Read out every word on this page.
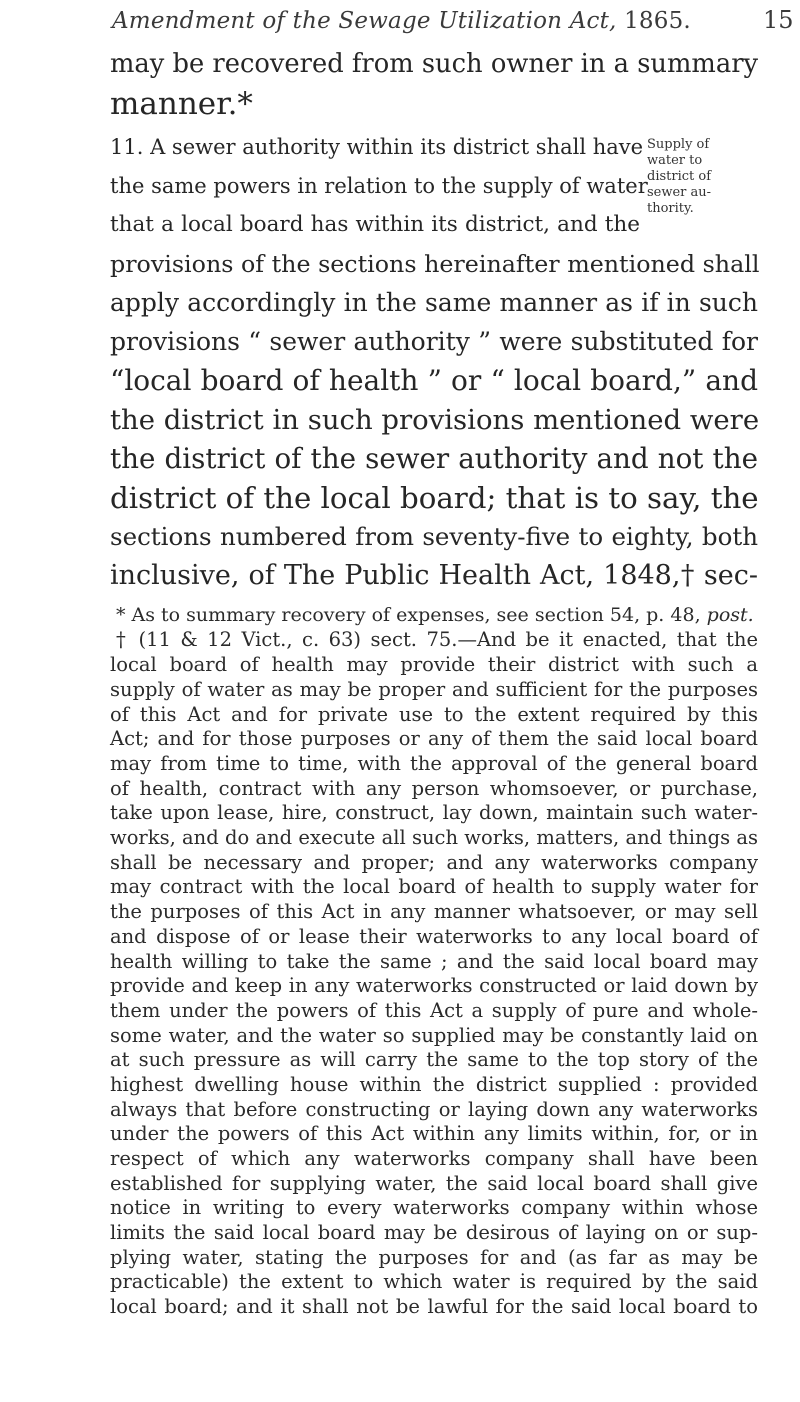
Amendment of the Sewage Utilization Act, 1865.	15
may be recovered from such owner in a summary
manner.*
11. A sewer authority within its district shall have
the same powers in relation to the supply of water
that a local board has within its district, and the
provisions of the sections hereinafter mentioned shall
apply accordingly in the same manner as if in such
provisions “ sewer authority ” were substituted for
“local board of health ” or “ local board,” and
the district in such provisions mentioned were
the district of the sewer authority and not the
district of the local board; that is to say, the
sections numbered from seventy-five to eighty, both
inclusive, of The Public Health Act, 1848,† sec-
Supply of
water to
district of
sewer au-
thority.
* As to summary recovery of expenses, see section 54, p. 48, post.
† (11 & 12 Vict., c. 63) sect. 75.—And be it enacted, that the
local board of health may provide their district with such a
supply of water as may be proper and sufficient for the purposes
of this Act and for private use to the extent required by this
Act; and for those purposes or any of them the said local board
may from time to time, with the approval of the general board
of health, contract with any person whomsoever, or purchase,
take upon lease, hire, construct, lay down, maintain such water-
works, and do and execute all such works, matters, and things as
shall be necessary and proper; and any waterworks company
may contract with the local board of health to supply water for
the purposes of this Act in any manner whatsoever, or may sell
and dispose of or lease their waterworks to any local board of
health willing to take the same ; and the said local board may
provide and keep in any waterworks constructed or laid down by
them under the powers of this Act a supply of pure and whole-
some water, and the water so supplied may be constantly laid on
at such pressure as will carry the same to the top story of the
highest dwelling house within the district supplied : provided
always that before constructing or laying down any waterworks
under the powers of this Act within any limits within, for, or in
respect of which any waterworks company shall have been
established for supplying water, the said local board shall give
notice in writing to every waterworks company within whose
limits the said local board may be desirous of laying on or sup-
plying water, stating the purposes for and (as far as may be
practicable) the extent to which water is required by the said
local board; and it shall not be lawful for the said local board to
